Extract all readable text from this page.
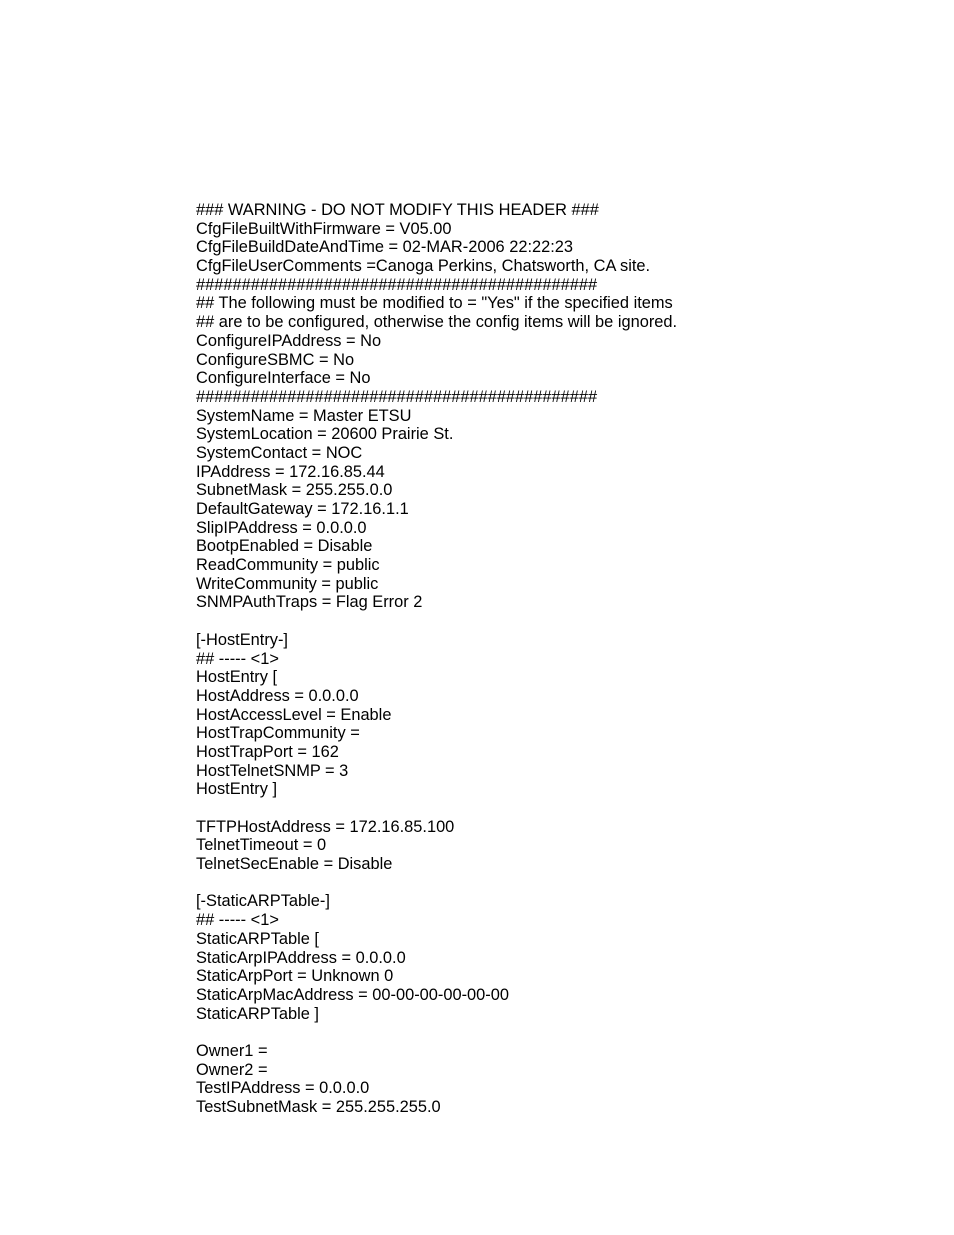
### WARNING - DO NOT MODIFY THIS HEADER ###
CfgFileBuiltWithFirmware = V05.00
CfgFileBuildDateAndTime = 02-MAR-2006 22:22:23
CfgFileUserComments =Canoga Perkins, Chatsworth, CA site.
############################################
## The following must be modified to = "Yes" if the specified items
## are to be configured, otherwise the config items will be ignored.
ConfigureIPAddress = No
ConfigureSBMC = No
ConfigureInterface = No
############################################
SystemName = Master ETSU
SystemLocation = 20600 Prairie St.
SystemContact = NOC
IPAddress = 172.16.85.44
SubnetMask = 255.255.0.0
DefaultGateway = 172.16.1.1
SlipIPAddress = 0.0.0.0
BootpEnabled = Disable
ReadCommunity = public
WriteCommunity = public
SNMPAuthTraps = Flag Error 2
[-HostEntry-]
## ----- <1>
HostEntry [
HostAddress = 0.0.0.0
HostAccessLevel = Enable
HostTrapCommunity =
HostTrapPort = 162
HostTelnetSNMP = 3
HostEntry ]
TFTPHostAddress = 172.16.85.100
TelnetTimeout = 0
TelnetSecEnable = Disable
[-StaticARPTable-]
## ----- <1>
StaticARPTable [
StaticArpIPAddress = 0.0.0.0
StaticArpPort = Unknown 0
StaticArpMacAddress = 00-00-00-00-00-00
StaticARPTable ]
Owner1 =
Owner2 =
TestIPAddress = 0.0.0.0
TestSubnetMask = 255.255.255.0
